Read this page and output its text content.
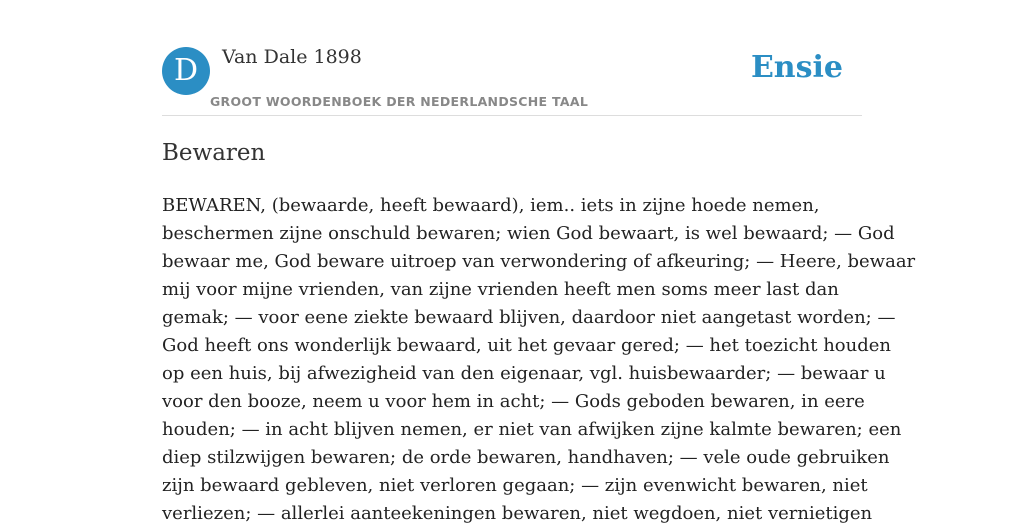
D	Van Dale 1898
GROOT WOORDENBOEK DER NEDERLANDSCHE TAAL
Ensie
Bewaren

BEWAREN, (bewaarde, heeft bewaard), iem.. iets in zijne hoede nemen,
beschermen zijne onschuld bewaren; wien God bewaart, is wel bewaard; — God
bewaar me, God beware uitroep van verwondering of afkeuring; — Heere, bewaar
mij voor mijne vrienden, van zijne vrienden heeft men soms meer last dan
gemak; — voor eene ziekte bewaard blijven, daardoor niet aangetast worden; —
God heeft ons wonderlijk bewaard, uit het gevaar gered; — het toezicht houden
op een huis, bij afwezigheid van den eigenaar, vgl. huisbewaarder; — bewaar u
voor den booze, neem u voor hem in acht; — Gods geboden bewaren, in eere
houden; — in acht blijven nemen, er niet van afwijken zijne kalmte bewaren; een
diep stilzwijgen bewaren; de orde bewaren, handhaven; — vele oude gebruiken
zijn bewaard gebleven, niet verloren gegaan; — zijn evenwicht bewaren, niet
verliezen; — allerlei aanteekeningen bewaren, niet wegdoen, niet vernietigen
